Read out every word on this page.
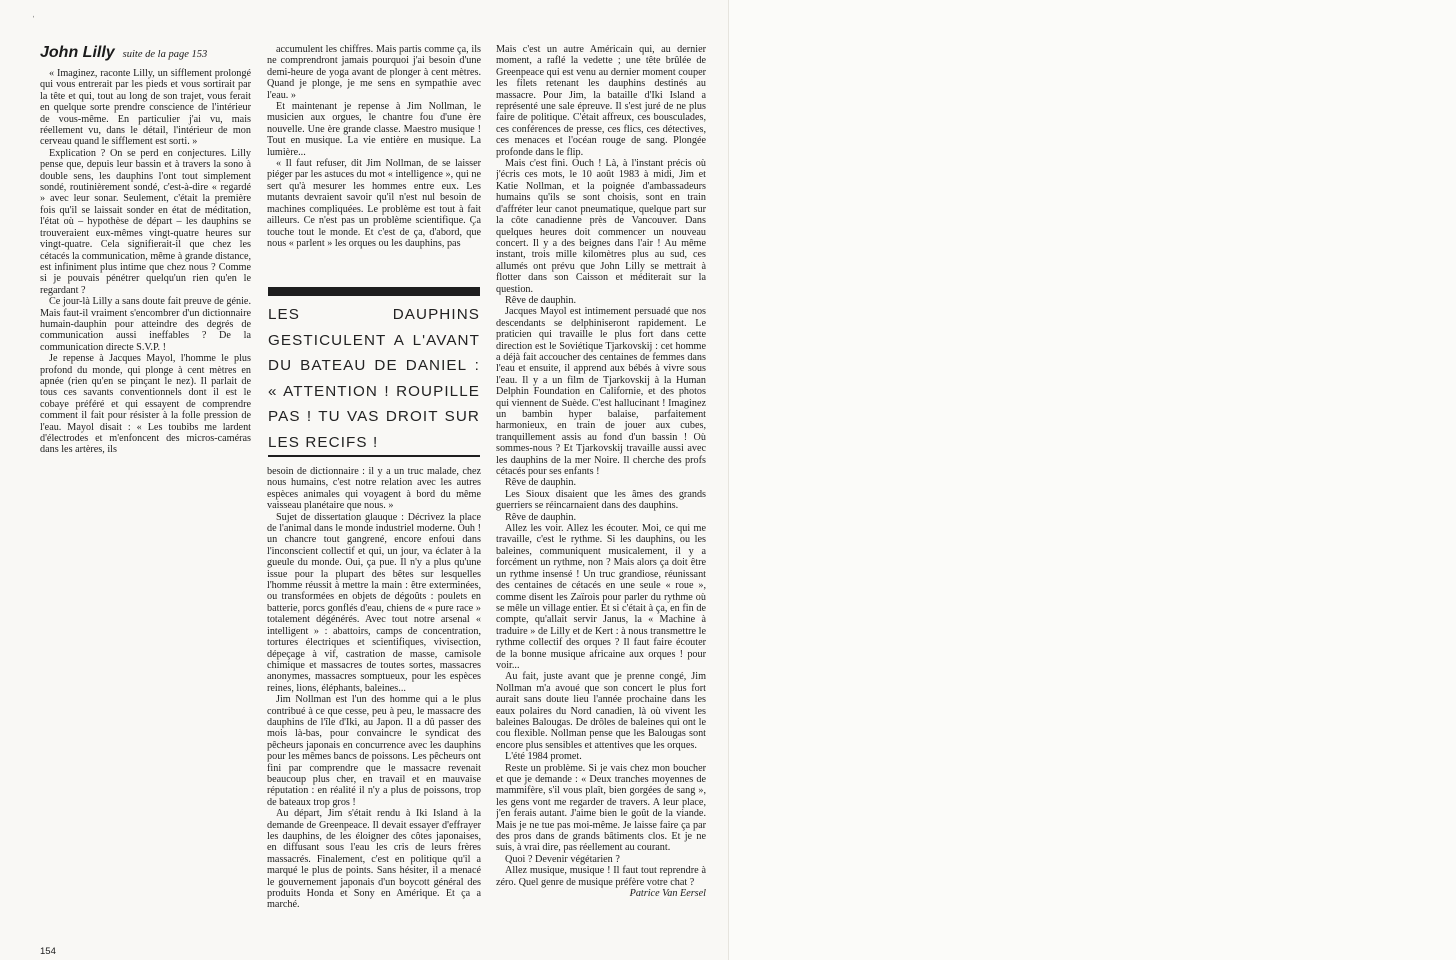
ˈ
John Lilly suite de la page 153

« Imaginez, raconte Lilly, un sifflement prolongé qui vous entrerait par les pieds et vous sortirait par la tête et qui, tout au long de son trajet, vous ferait en quelque sorte prendre conscience de l'intérieur de vous-même. En particulier j'ai vu, mais réellement vu, dans le détail, l'intérieur de mon cerveau quand le sifflement est sorti. »

Explication ? On se perd en conjectures. Lilly pense que, depuis leur bassin et à travers la sono à double sens, les dauphins l'ont tout simplement sondé, routinièrement sondé, c'est-à-dire « regardé » avec leur sonar. Seulement, c'était la première fois qu'il se laissait sonder en état de méditation, l'état où – hypothèse de départ – les dauphins se trouveraient eux-mêmes vingt-quatre heures sur vingt-quatre. Cela signifierait-il que chez les cétacés la communication, même à grande distance, est infiniment plus intime que chez nous ? Comme si je pouvais pénétrer quelqu'un rien qu'en le regardant ?

Ce jour-là Lilly a sans doute fait preuve de génie. Mais faut-il vraiment s'encombrer d'un dictionnaire humain-dauphin pour atteindre des degrés de communication aussi ineffables ? De la communication directe S.V.P. !

Je repense à Jacques Mayol, l'homme le plus profond du monde, qui plonge à cent mètres en apnée (rien qu'en se pinçant le nez). Il parlait de tous ces savants conventionnels dont il est le cobaye préféré et qui essayent de comprendre comment il fait pour résister à la folle pression de l'eau. Mayol disait : « Les toubibs me lardent d'électrodes et m'enfoncent des micros-caméras dans les artères, ils

accumulent les chiffres. Mais partis comme ça, ils ne comprendront jamais pourquoi j'ai besoin d'une demi-heure de yoga avant de plonger à cent mètres. Quand je plonge, je me sens en sympathie avec l'eau. »

Et maintenant je repense à Jim Nollman, le musicien aux orgues, le chantre fou d'une ère nouvelle. Une ère grande classe. Maestro musique ! Tout en musique. La vie entière en musique. La lumière...

« Il faut refuser, dit Jim Nollman, de se laisser piéger par les astuces du mot « intelligence », qui ne sert qu'à mesurer les hommes entre eux. Les mutants devraient savoir qu'il n'est nul besoin de machines compliquées. Le problème est tout à fait ailleurs. Ce n'est pas un problème scientifique. Ça touche tout le monde. Et c'est de ça, d'abord, que nous « parlent » les orques ou les dauphins, pas

LES DAUPHINS GESTICULENT A L'AVANT DU BATEAU DE DANIEL : « ATTENTION ! ROUPILLE PAS ! TU VAS DROIT SUR LES RECIFS !

besoin de dictionnaire : il y a un truc malade, chez nous humains, c'est notre relation avec les autres espèces animales qui voyagent à bord du même vaisseau planétaire que nous. »

Sujet de dissertation glauque : Décrivez la place de l'animal dans le monde industriel moderne. Ouh ! un chancre tout gangrené, encore enfoui dans l'inconscient collectif et qui, un jour, va éclater à la gueule du monde. Oui, ça pue. Il n'y a plus qu'une issue pour la plupart des bêtes sur lesquelles l'homme réussit à mettre la main : être exterminées, ou transformées en objets de dégoûts : poulets en batterie, porcs gonflés d'eau, chiens de « pure race » totalement dégénérés. Avec tout notre arsenal « intelligent » : abattoirs, camps de concentration, tortures électriques et scientifiques, vivisection, dépeçage à vif, castration de masse, camisole chimique et massacres de toutes sortes, massacres anonymes, massacres somptueux, pour les espèces reines, lions, éléphants, baleines...

Jim Nollman est l'un des homme qui a le plus contribué à ce que cesse, peu à peu, le massacre des dauphins de l'île d'Iki, au Japon. Il a dû passer des mois là-bas, pour convaincre le syndicat des pêcheurs japonais en concurrence avec les dauphins pour les mêmes bancs de poissons. Les pêcheurs ont fini par comprendre que le massacre revenait beaucoup plus cher, en travail et en mauvaise réputation : en réalité il n'y a plus de poissons, trop de bateaux trop gros !

Au départ, Jim s'était rendu à Iki Island à la demande de Greenpeace. Il devait essayer d'effrayer les dauphins, de les éloigner des côtes japonaises, en diffusant sous l'eau les cris de leurs frères massacrés. Finalement, c'est en politique qu'il a marqué le plus de points. Sans hésiter, il a menacé le gouvernement japonais d'un boycott général des produits Honda et Sony en Amérique. Et ça a marché.

Mais c'est un autre Américain qui, au dernier moment, a raflé la vedette ; une tête brûlée de Greenpeace qui est venu au dernier moment couper les filets retenant les dauphins destinés au massacre. Pour Jim, la bataille d'Iki Island a représenté une sale épreuve. Il s'est juré de ne plus faire de politique. C'était affreux, ces bousculades, ces conférences de presse, ces flics, ces détectives, ces menaces et l'océan rouge de sang. Plongée profonde dans le flip.

Mais c'est fini. Ouch ! Là, à l'instant précis où j'écris ces mots, le 10 août 1983 à midi, Jim et Katie Nollman, et la poignée d'ambassadeurs humains qu'ils se sont choisis, sont en train d'affréter leur canot pneumatique, quelque part sur la côte canadienne près de Vancouver. Dans quelques heures doit commencer un nouveau concert. Il y a des beignes dans l'air ! Au même instant, trois mille kilomètres plus au sud, ces allumés ont prévu que John Lilly se mettrait à flotter dans son Caisson et méditerait sur la question.

Rêve de dauphin.

Jacques Mayol est intimement persuadé que nos descendants se delphiniseront rapidement. Le praticien qui travaille le plus fort dans cette direction est le Soviétique Tjarkovskij : cet homme a déjà fait accoucher des centaines de femmes dans l'eau et ensuite, il apprend aux bébés à vivre sous l'eau. Il y a un film de Tjarkovskij à la Human Delphin Foundation en Californie, et des photos qui viennent de Suède. C'est hallucinant ! Imaginez un bambin hyper balaise, parfaitement harmonieux, en train de jouer aux cubes, tranquillement assis au fond d'un bassin ! Où sommes-nous ? Et Tjarkovskij travaille aussi avec les dauphins de la mer Noire. Il cherche des profs cétacés pour ses enfants !

Rêve de dauphin.

Les Sioux disaient que les âmes des grands guerriers se réincarnaient dans des dauphins.

Rêve de dauphin.

Allez les voir. Allez les écouter. Moi, ce qui me travaille, c'est le rythme. Si les dauphins, ou les baleines, communiquent musicalement, il y a forcément un rythme, non ? Mais alors ça doit être un rythme insensé ! Un truc grandiose, réunissant des centaines de cétacés en une seule « roue », comme disent les Zaïrois pour parler du rythme où se mêle un village entier. Et si c'était à ça, en fin de compte, qu'allait servir Janus, la « Machine à traduire » de Lilly et de Kert : à nous transmettre le rythme collectif des orques ? Il faut faire écouter de la bonne musique africaine aux orques ! pour voir...

Au fait, juste avant que je prenne congé, Jim Nollman m'a avoué que son concert le plus fort aurait sans doute lieu l'année prochaine dans les eaux polaires du Nord canadien, là où vivent les baleines Balougas. De drôles de baleines qui ont le cou flexible. Nollman pense que les Balougas sont encore plus sensibles et attentives que les orques.

L'été 1984 promet.

Reste un problème. Si je vais chez mon boucher et que je demande : « Deux tranches moyennes de mammifère, s'il vous plaît, bien gorgées de sang », les gens vont me regarder de travers. A leur place, j'en ferais autant. J'aime bien le goût de la viande. Mais je ne tue pas moi-même. Je laisse faire ça par des pros dans de grands bâtiments clos. Et je ne suis, à vrai dire, pas réellement au courant.

Quoi ? Devenir végétarien ?

Allez musique, musique ! Il faut tout reprendre à zéro. Quel genre de musique préfère votre chat ?

Patrice Van Eersel

154
